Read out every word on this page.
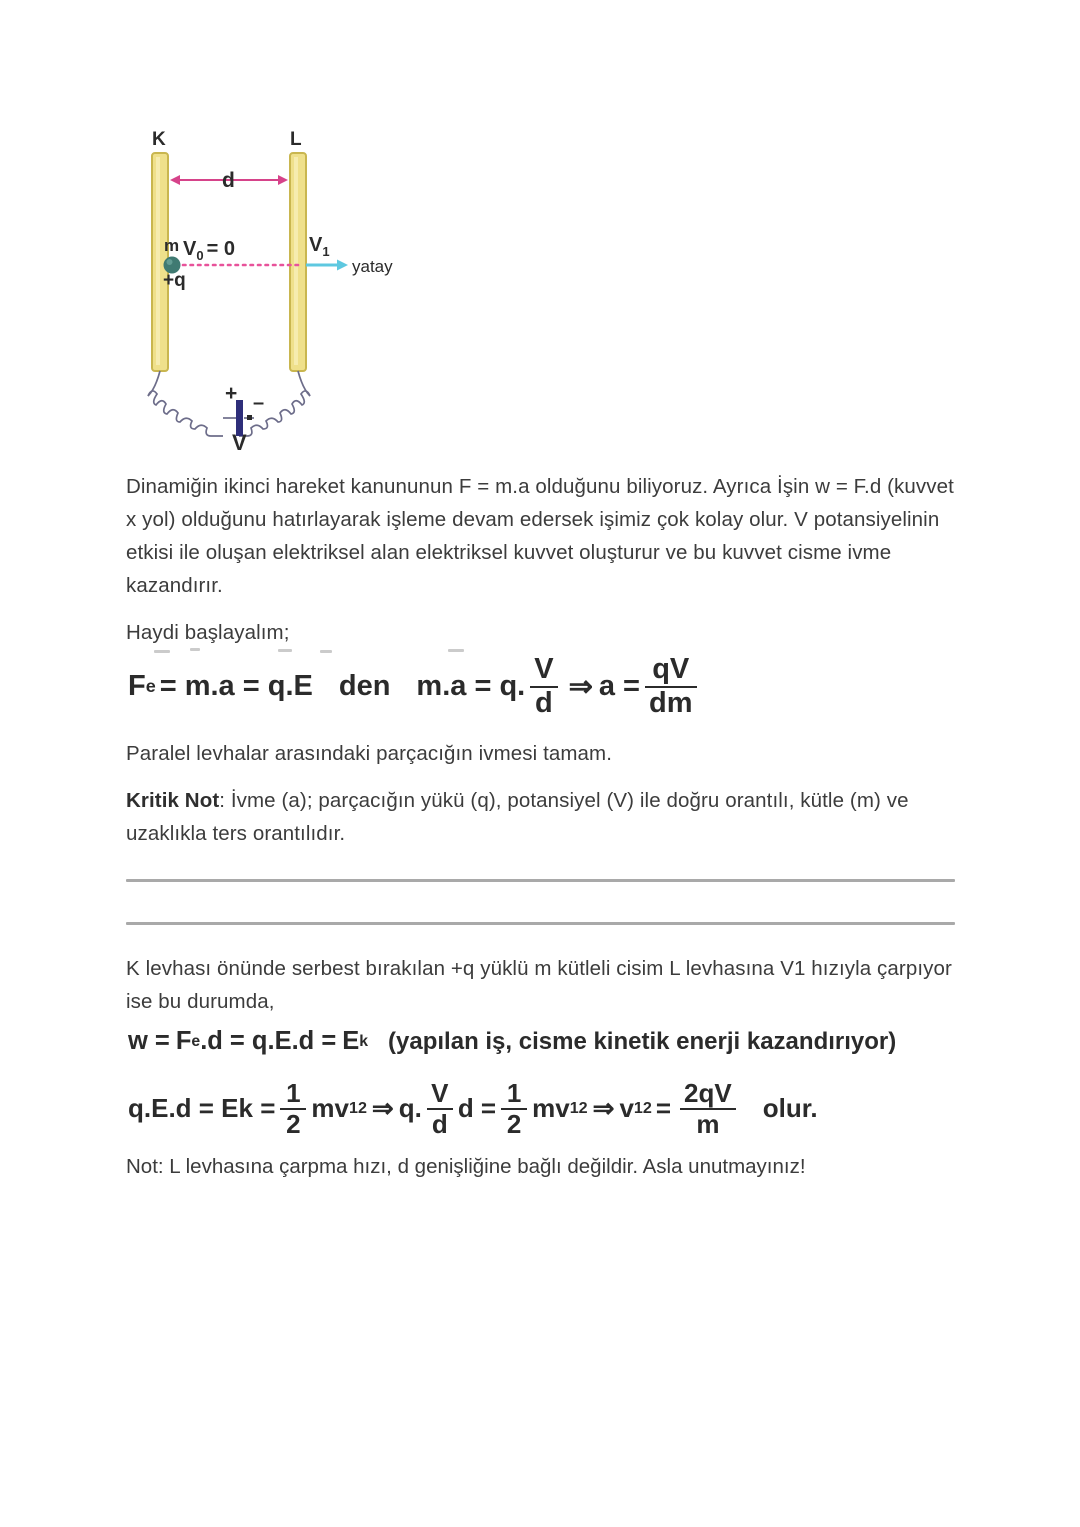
K	L
d
m $V_0 = 0$
+q
$V_1$
yatay
+ –
V

Dinamiğin ikinci hareket kanununun F = m.a olduğunu biliyoruz. Ayrıca İşin w = F.d (kuvvet x yol) olduğunu hatırlayarak işleme devam edersek işimiz çok kolay olur. V potansiyelinin etkisi ile oluşan elektriksel alan elektriksel kuvvet oluşturur ve bu kuvvet cisme ivme kazandırır.

Haydi başlayalım;

F e = m.a = q.E den m.a = q. $\frac{V}{d}$ ⇒ $a = \frac{qV}{dm}$

Paralel levhalar arasındaki parçacığın ivmesi tamam.

Kritik Not: İvme (a); parçacığın yükü (q), potansiyel (V) ile doğru orantılı, kütle (m) ve uzaklıkla ters orantılıdır.

K levhası önünde serbest bırakılan +q yüklü m kütleli cisim L levhasına V1 hızıyla çarpıyor ise bu durumda,

w = F e .d = q.E.d = E k (yapılan iş, cisme kinetik enerji kazandırıyor)
$q.E.d = Ek = \frac{1}{2}$ mv 1 2 ⇒ q. $\frac{V}{d}$ $d = \frac{1}{2}$ mv 1 2 ⇒ v 1 $2 = \frac{2qV}{m}$ olur.
Not: L levhasına çarpma hızı, d genişliğine bağlı değildir. Asla unutmayınız!
